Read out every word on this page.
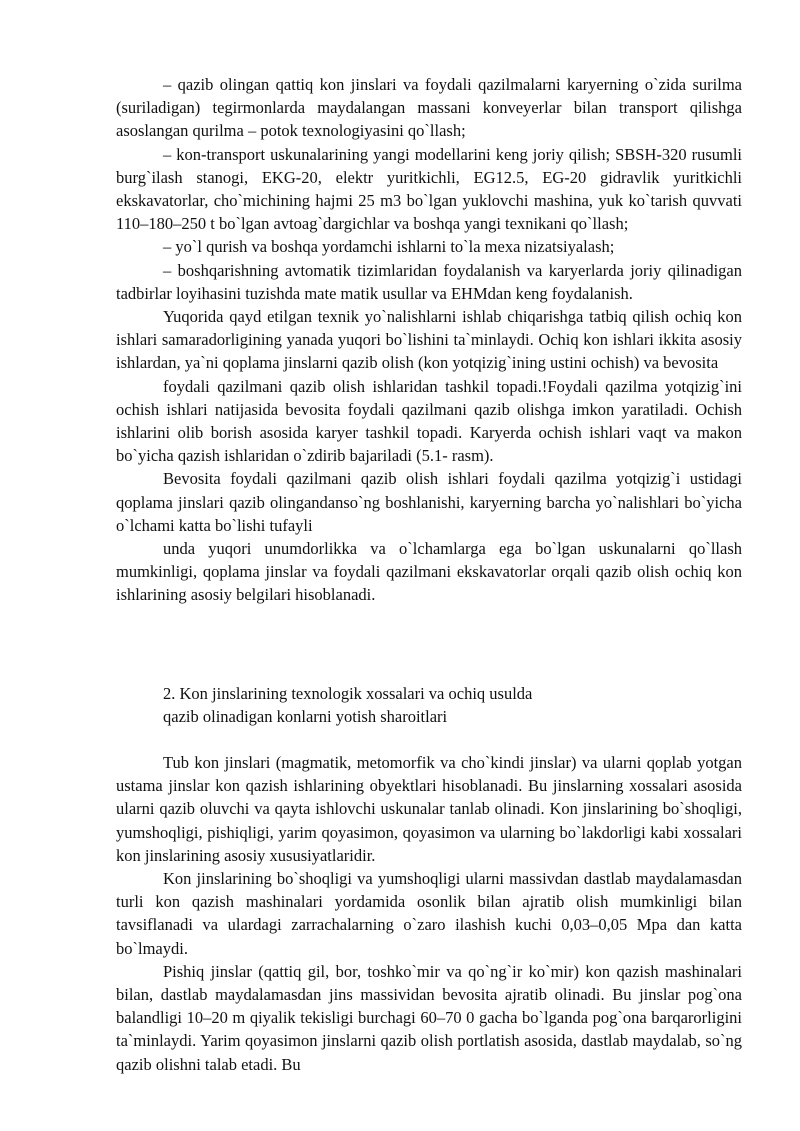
– qazib olingan qattiq kon jinslari va foydali qazilmalarni karyerning o`zida surilma (suriladigan) tegirmonlarda maydalangan massani konveyerlar bilan transport qilishga asoslangan qurilma – potok texnologiyasini qo`llash;

– kon-transport uskunalarining yangi modellarini keng joriy qilish; SBSH-320 rusumli burg`ilash stanogi, EKG-20, elektr yuritkichli, EG12.5, EG-20 gidravlik yuritkichli ekskavatorlar, cho`michining hajmi 25 m3 bo`lgan yuklovchi mashina, yuk ko`tarish quvvati 110–180–250 t bo`lgan avtoag`dargichlar va boshqa yangi texnikani qo`llash;

– yo`l qurish va boshqa yordamchi ishlarni to`la mexa nizatsiyalash;

– boshqarishning avtomatik tizimlaridan foydalanish va karyerlarda joriy qilinadigan tadbirlar loyihasini tuzishda mate matik usullar va EHMdan keng foydalanish.

Yuqorida qayd etilgan texnik yo`nalishlarni ishlab chiqarishga tatbiq qilish ochiq kon ishlari samaradorligining yanada yuqori bo`lishini ta`minlaydi. Ochiq kon ishlari ikkita asosiy ishlardan, ya`ni qoplama jinslarni qazib olish (kon yotqizig`ining ustini ochish) va bevosita

foydali qazilmani qazib olish ishlaridan tashkil topadi.!Foydali qazilma yotqizig`ini ochish ishlari natijasida bevosita foydali qazilmani qazib olishga imkon yaratiladi. Ochish ishlarini olib borish asosida karyer tashkil topadi. Karyerda ochish ishlari vaqt va makon bo`yicha qazish ishlaridan o`zdirib bajariladi (5.1- rasm).

Bevosita foydali qazilmani qazib olish ishlari foydali qazilma yotqizig`i ustidagi qoplama jinslari qazib olingandanso`ng boshlanishi, karyerning barcha yo`nalishlari bo`yicha o`lchami katta bo`lishi tufayli

unda yuqori unumdorlikka va o`lchamlarga ega bo`lgan uskunalarni qo`llash mumkinligi, qoplama jinslar va foydali qazilmani ekskavatorlar orqali qazib olish ochiq kon ishlarining asosiy belgilari hisoblanadi.

2. Kon jinslarining texnologik xossalari va ochiq usulda

qazib olinadigan konlarni yotish sharoitlari

Tub kon jinslari (magmatik, metomorfik va cho`kindi jinslar) va ularni qoplab yotgan ustama jinslar kon qazish ishlarining obyektlari hisoblanadi. Bu jinslarning xossalari asosida ularni qazib oluvchi va qayta ishlovchi uskunalar tanlab olinadi. Kon jinslarining bo`shoqligi, yumshoqligi, pishiqligi, yarim qoyasimon, qoyasimon va ularning bo`lakdorligi kabi xossalari kon jinslarining asosiy xususiyatlaridir.

Kon jinslarining bo`shoqligi va yumshoqligi ularni massivdan dastlab maydalamasdan turli kon qazish mashinalari yordamida osonlik bilan ajratib olish mumkinligi bilan tavsiflanadi va ulardagi zarrachalarning o`zaro ilashish kuchi 0,03–0,05 Mpa dan katta bo`lmaydi.

Pishiq jinslar (qattiq gil, bor, toshko`mir va qo`ng`ir ko`mir) kon qazish mashinalari bilan, dastlab maydalamasdan jins massividan bevosita ajratib olinadi. Bu jinslar pog`ona balandligi 10–20 m qiyalik tekisligi burchagi 60–70 0 gacha bo`lganda pog`ona barqarorligini ta`minlaydi. Yarim qoyasimon jinslarni qazib olish portlatish asosida, dastlab maydalab, so`ng qazib olishni talab etadi. Bu
